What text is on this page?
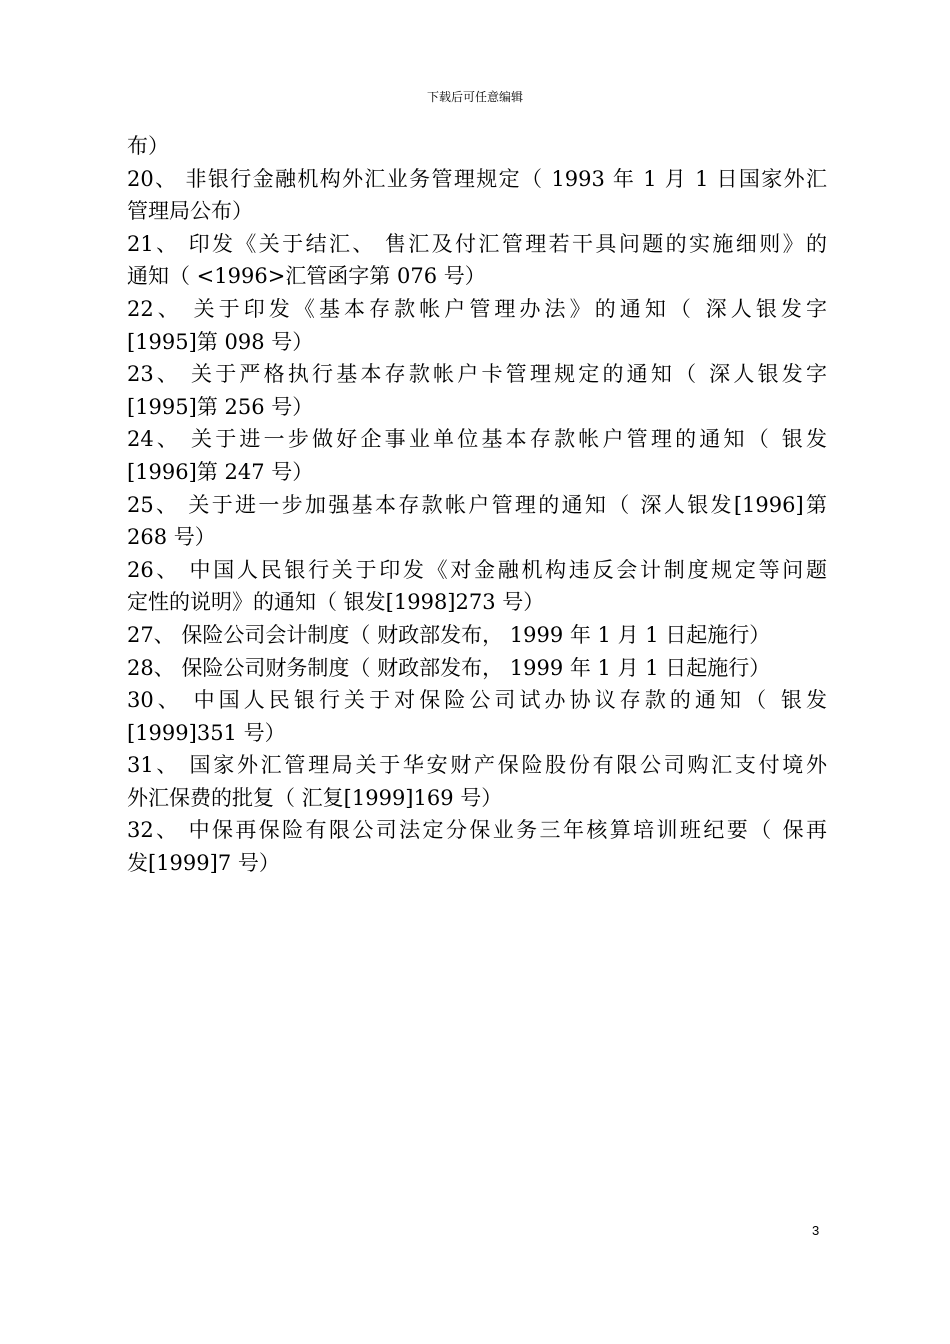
下载后可任意编辑
布）
20、 非银行金融机构外汇业务管理规定（ 1993 年 1 月 1 日国家外汇
管理局公布）
21、 印发《关于结汇、 售汇及付汇管理若干具问题的实施细则》的
通知（ <1996>汇管函字第 076 号）
22、 关于印发《基本存款帐户管理办法》的通知（ 深人银发字
[1995]第 098 号）
23、 关于严格执行基本存款帐户卡管理规定的通知（ 深人银发字
[1995]第 256 号）
24、 关于进一步做好企事业单位基本存款帐户管理的通知（ 银发
[1996]第 247 号）
25、 关于进一步加强基本存款帐户管理的通知（ 深人银发[1996]第
268 号）
26、 中国人民银行关于印发《对金融机构违反会计制度规定等问题
定性的说明》的通知（ 银发[1998]273 号）
27、 保险公司会计制度（ 财政部发布， 1999 年 1 月 1 日起施行）
28、 保险公司财务制度（ 财政部发布， 1999 年 1 月 1 日起施行）
30、 中国人民银行关于对保险公司试办协议存款的通知（ 银发
[1999]351 号）
31、 国家外汇管理局关于华安财产保险股份有限公司购汇支付境外
外汇保费的批复（ 汇复[1999]169 号）
32、 中保再保险有限公司法定分保业务三年核算培训班纪要（ 保再
发[1999]7 号）
3
